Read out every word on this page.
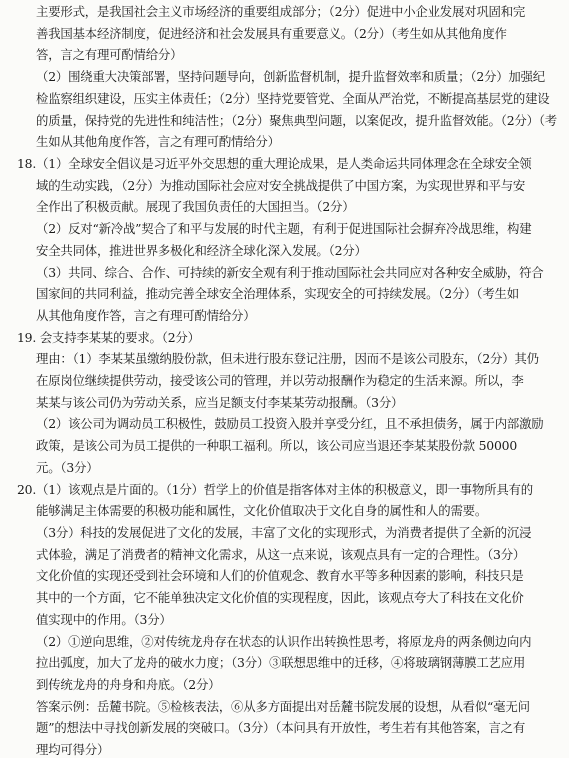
主要形式，是我国社会主义市场经济的重要组成部分；（2分）促进中小企业发展对巩固和完
善我国基本经济制度，促进经济和社会发展具有重要意义。（2分）（考生如从其他角度作
答，言之有理可酌情给分）
（2）围绕重大决策部署，坚持问题导向，创新监督机制，提升监督效率和质量；（2分）加强纪
检监察组织建设，压实主体责任；（2分）坚持党要管党、全面从严治党，不断提高基层党的建设
的质量，保持党的先进性和纯洁性；（2分）聚焦典型问题，以案促改，提升监督效能。（2分）（考
生如从其他角度作答，言之有理可酌情给分）
18.（1）全球安全倡议是习近平外交思想的重大理论成果，是人类命运共同体理念在全球安全领
域的生动实践，（2分）为推动国际社会应对安全挑战提供了中国方案，为实现世界和平与安
全作出了积极贡献。展现了我国负责任的大国担当。（2分）
（2）反对“新冷战”契合了和平与发展的时代主题，有利于促进国际社会摒弃冷战思维，构建
安全共同体，推进世界多极化和经济全球化深入发展。（2分）
（3）共同、综合、合作、可持续的新安全观有利于推动国际社会共同应对各种安全威胁，符合
国家间的共同利益，推动完善全球安全治理体系，实现安全的可持续发展。（2分）（考生如
从其他角度作答，言之有理可酌情给分）
19. 会支持李某某的要求。（2分）
理由：（1）李某某虽缴纳股份款，但未进行股东登记注册，因而不是该公司股东，（2分）其仍
在原岗位继续提供劳动，接受该公司的管理，并以劳动报酬作为稳定的生活来源。所以，李
某某与该公司仍为劳动关系，应当足额支付李某某劳动报酬。（3分）
（2）该公司为调动员工积极性，鼓励员工投资入股并享受分红，且不承担债务，属于内部激励
政策，是该公司为员工提供的一种职工福利。所以，该公司应当退还李某某股份款 50000
元。（3分）
20.（1）该观点是片面的。（1分）哲学上的价值是指客体对主体的积极意义，即一事物所具有的
能够满足主体需要的积极功能和属性，文化价值取决于文化自身的属性和人的需要。
（3分）科技的发展促进了文化的发展，丰富了文化的实现形式，为消费者提供了全新的沉浸
式体验，满足了消费者的精神文化需求，从这一点来说，该观点具有一定的合理性。（3分）
文化价值的实现还受到社会环境和人们的价值观念、教育水平等多种因素的影响，科技只是
其中的一个方面，它不能单独决定文化价值的实现程度，因此，该观点夸大了科技在文化价
值实现中的作用。（3分）
（2）①逆向思维，②对传统龙舟存在状态的认识作出转换性思考，将原龙舟的两条侧边向内
拉出弧度，加大了龙舟的破水力度；（3分）③联想思维中的迁移，④将玻璃钢薄膜工艺应用
到传统龙舟的舟身和舟底。（2分）
答案示例：岳麓书院。⑤检核表法，⑥从多方面提出对岳麓书院发展的设想，从看似“毫无问
题”的想法中寻找创新发展的突破口。（3分）（本问具有开放性，考生若有其他答案，言之有
理均可得分）
